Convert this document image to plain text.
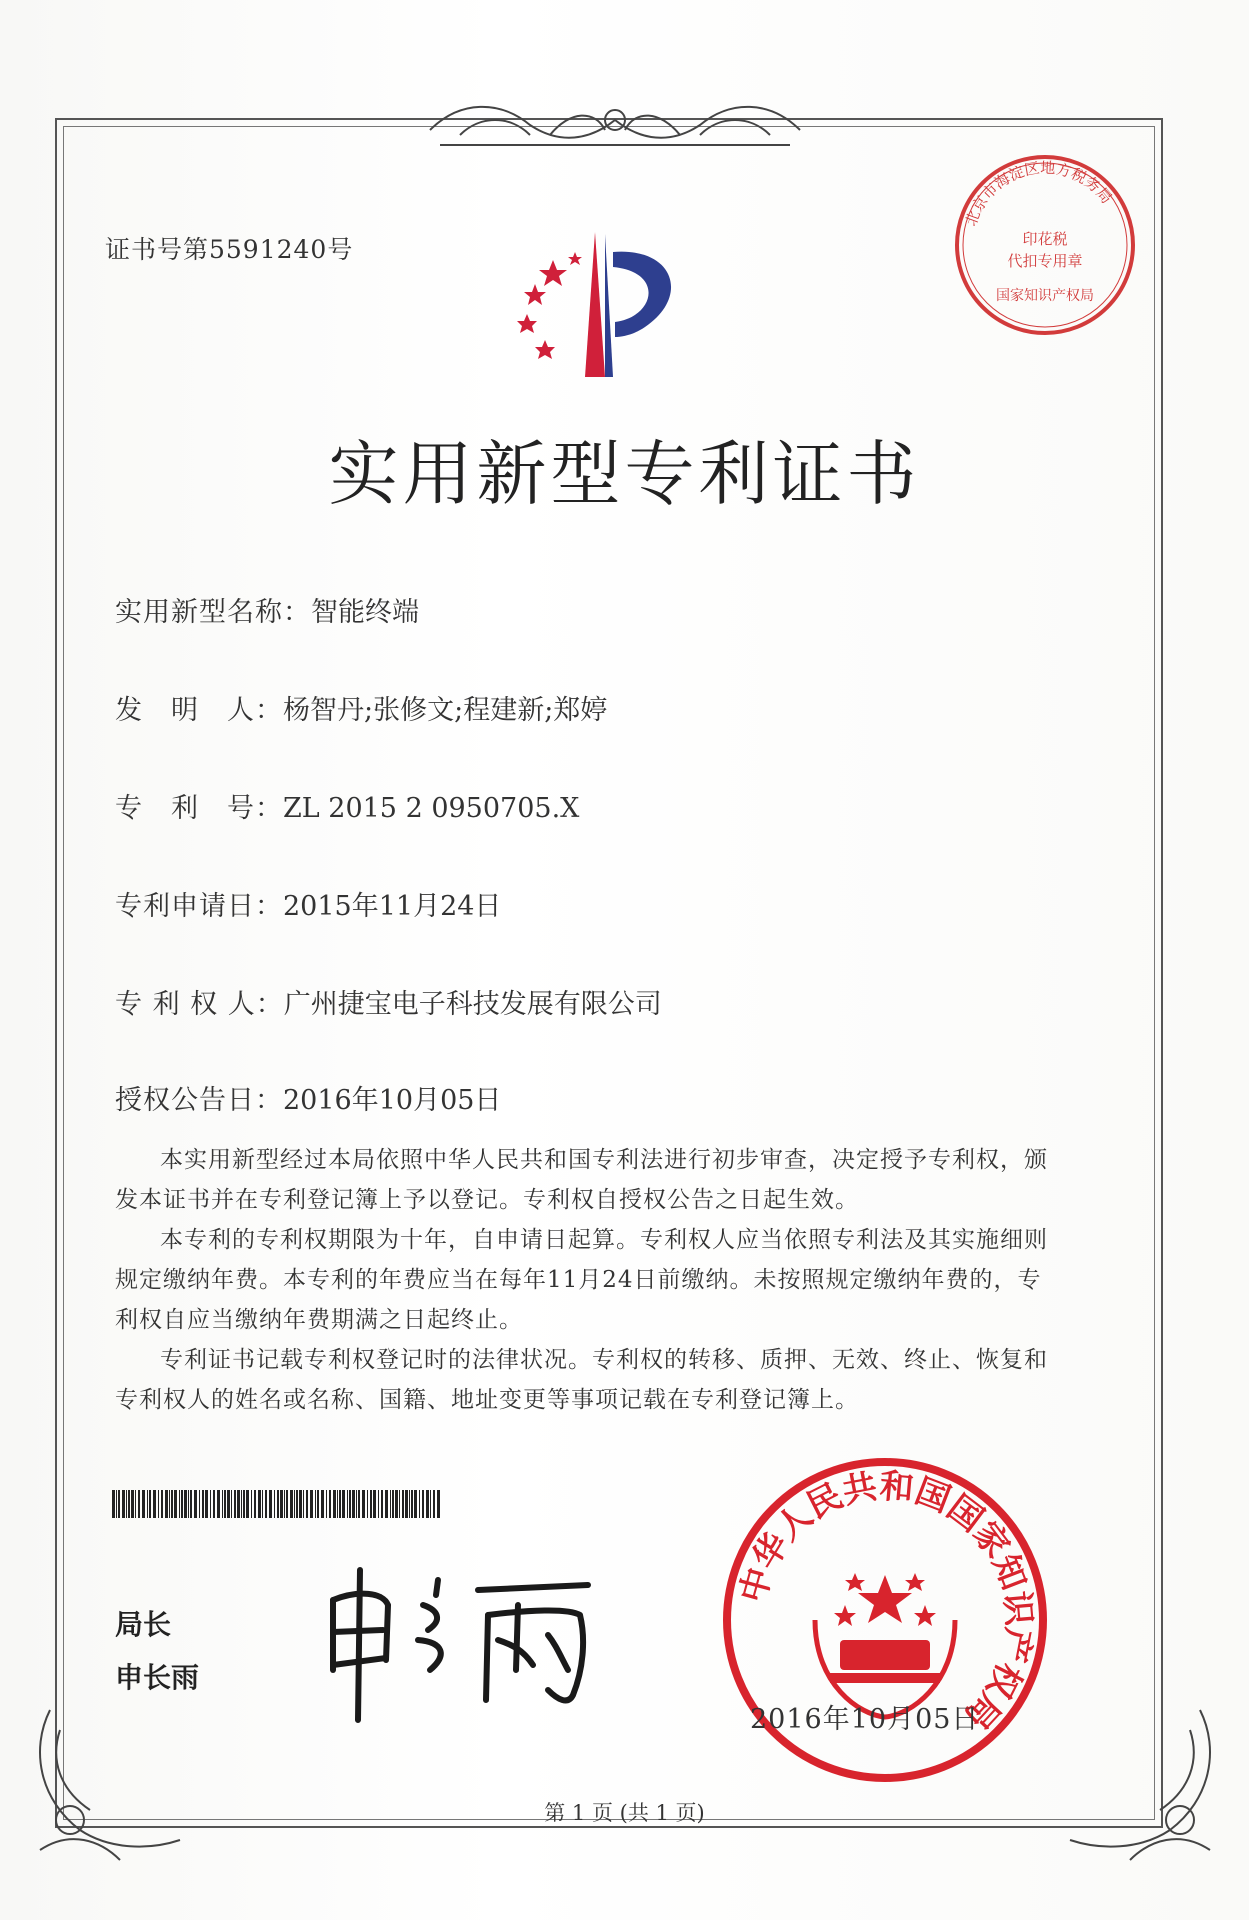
证书号第5591240号
北京市海淀区地方税务局
印花税
代扣专用章
国家知识产权局
实用新型专利证书
实用新型名称：智能终端
发　明　人：杨智丹;张修文;程建新;郑婷
专　利　号：ZL 2015 2 0950705.X
专利申请日：2015年11月24日
专 利 权 人：广州捷宝电子科技发展有限公司
授权公告日：2016年10月05日

本实用新型经过本局依照中华人民共和国专利法进行初步审查，决定授予专利权，颁发本证书并在专利登记簿上予以登记。专利权自授权公告之日起生效。

本专利的专利权期限为十年，自申请日起算。专利权人应当依照专利法及其实施细则规定缴纳年费。本专利的年费应当在每年11月24日前缴纳。未按照规定缴纳年费的，专利权自应当缴纳年费期满之日起终止。

专利证书记载专利权登记时的法律状况。专利权的转移、质押、无效、终止、恢复和专利权人的姓名或名称、国籍、地址变更等事项记载在专利登记簿上。

局长
申长雨
中华人民共和国国家知识产权局
2016年10月05日
第 1 页 (共 1 页)
